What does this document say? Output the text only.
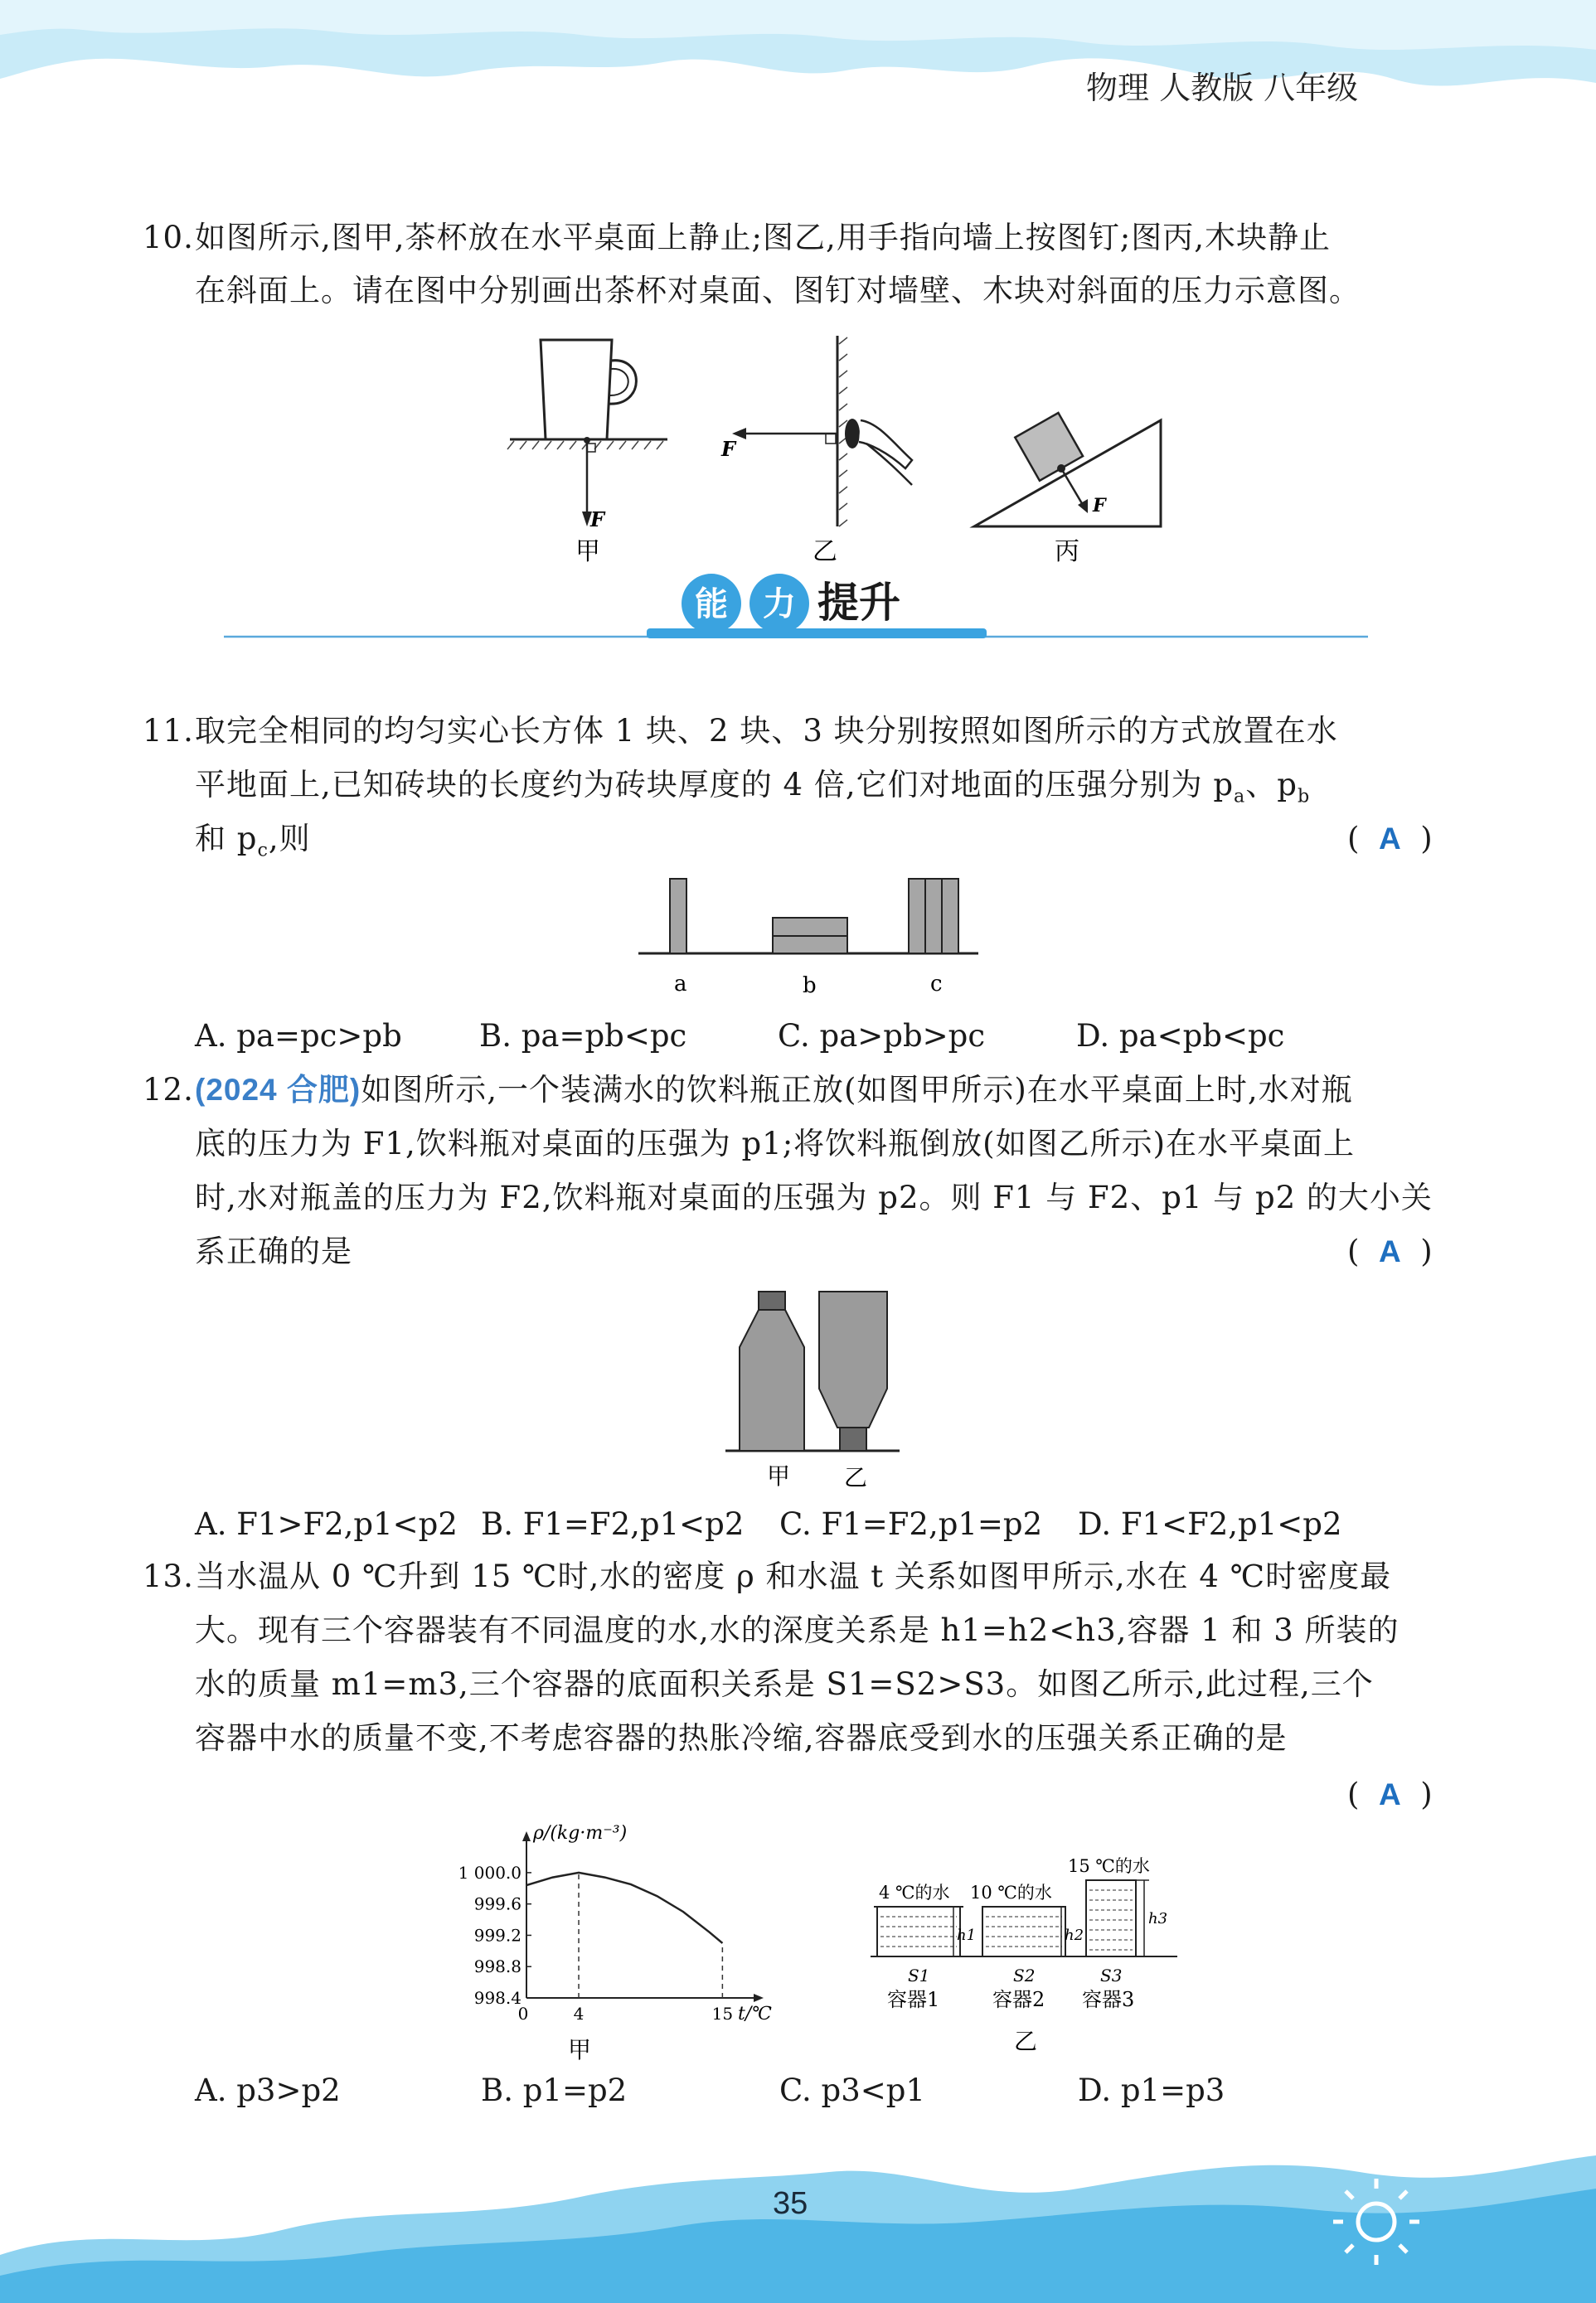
物理 人教版 八年级
10. 如图所示,图甲,茶杯放在水平桌面上静止;图乙,用手指向墙上按图钉;图丙,木块静止
在斜面上。请在图中分别画出茶杯对桌面、图钉对墙壁、木块对斜面的压力示意图。
F
甲
F
乙
F
丙
能 力 提升
11. 取完全相同的均匀实心长方体 1 块、2 块、3 块分别按照如图所示的方式放置在水
平地面上,已知砖块的长度约为砖块厚度的 4 倍,它们对地面的压强分别为 $p_a$、$p_b$
和 $p_c$,则	(  A  )
a	b	c
A. pa=pc>pb	B. pa=pb<pc	C. pa>pb>pc	D. pa<pb<pc
12. (2024 合肥)如图所示,一个装满水的饮料瓶正放(如图甲所示)在水平桌面上时,水对瓶
底的压力为 F1,饮料瓶对桌面的压强为 p1;将饮料瓶倒放(如图乙所示)在水平桌面上
时,水对瓶盖的压力为 F2,饮料瓶对桌面的压强为 p2。则 F1 与 F2、p1 与 p2 的大小关
系正确的是	(  A  )
甲 乙
A. F1>F2,p1<p2 B. F1=F2,p1<p2 C. F1=F2,p1=p2 D. F1<F2,p1<p2
13. 当水温从 0 ℃升到 15 ℃时,水的密度 ρ 和水温 t 关系如图甲所示,水在 4 ℃时密度最
大。现有三个容器装有不同温度的水,水的深度关系是 h1=h2<h3,容器 1 和 3 所装的
水的质量 m1=m3,三个容器的底面积关系是 S1=S2>S3。如图乙所示,此过程,三个
容器中水的质量不变,不考虑容器的热胀冷缩,容器底受到水的压强关系正确的是
(  A  )
998.4
998.8
999.2
999.6
1 000.0
0	4	15
ρ/(kg·m⁻³)
t/℃
甲
4 ℃的水 10 ℃的水
15 ℃的水
h1	h2
h3
S1	S2	S3
容器1	容器2 容器3
乙
A. p3>p2	B. p1=p2	C. p3<p1	D. p1=p3
35
